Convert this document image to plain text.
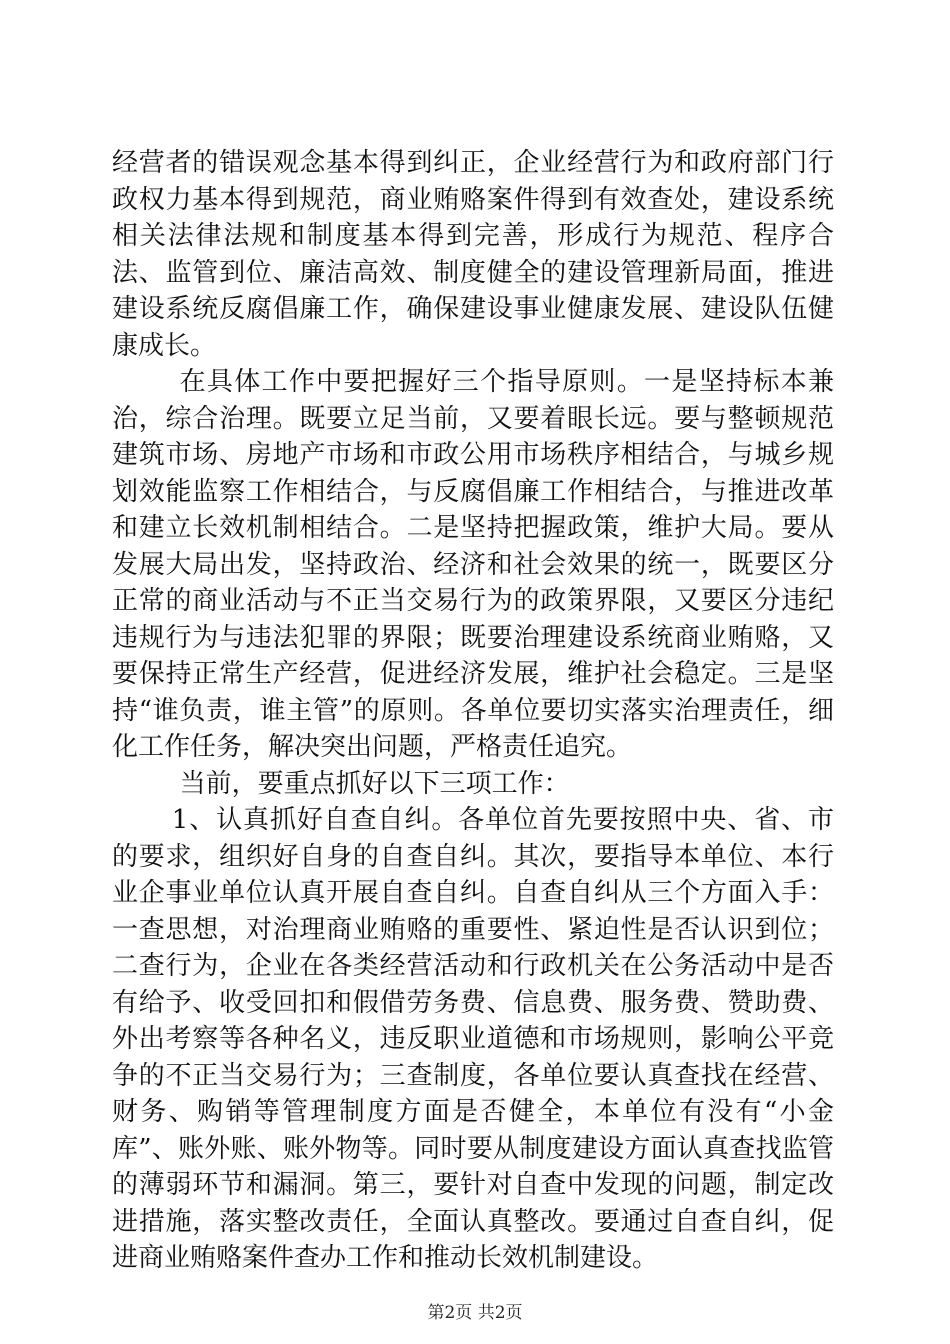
经营者的错误观念基本得到纠正，企业经营行为和政府部门行政权力基本得到规范，商业贿赂案件得到有效查处，建设系统相关法律法规和制度基本得到完善，形成行为规范、程序合法、监管到位、廉洁高效、制度健全的建设管理新局面，推进建设系统反腐倡廉工作，确保建设事业健康发展、建设队伍健康成长。

在具体工作中要把握好三个指导原则。一是坚持标本兼治，综合治理。既要立足当前，又要着眼长远。要与整顿规范建筑市场、房地产市场和市政公用市场秩序相结合，与城乡规划效能监察工作相结合，与反腐倡廉工作相结合，与推进改革和建立长效机制相结合。二是坚持把握政策，维护大局。要从发展大局出发，坚持政治、经济和社会效果的统一，既要区分正常的商业活动与不正当交易行为的政策界限，又要区分违纪违规行为与违法犯罪的界限；既要治理建设系统商业贿赂，又要保持正常生产经营，促进经济发展，维护社会稳定。三是坚持“谁负责，谁主管”的原则。各单位要切实落实治理责任，细化工作任务，解决突出问题，严格责任追究。

当前，要重点抓好以下三项工作：

1、认真抓好自查自纠。各单位首先要按照中央、省、市的要求，组织好自身的自查自纠。其次，要指导本单位、本行业企事业单位认真开展自查自纠。自查自纠从三个方面入手：一查思想，对治理商业贿赂的重要性、紧迫性是否认识到位；二查行为，企业在各类经营活动和行政机关在公务活动中是否有给予、收受回扣和假借劳务费、信息费、服务费、赞助费、外出考察等各种名义，违反职业道德和市场规则，影响公平竞争的不正当交易行为；三查制度，各单位要认真查找在经营、财务、购销等管理制度方面是否健全，本单位有没有“小金库”、账外账、账外物等。同时要从制度建设方面认真查找监管的薄弱环节和漏洞。第三，要针对自查中发现的问题，制定改进措施，落实整改责任，全面认真整改。要通过自查自纠，促进商业贿赂案件查办工作和推动长效机制建设。

第2页 共2页
